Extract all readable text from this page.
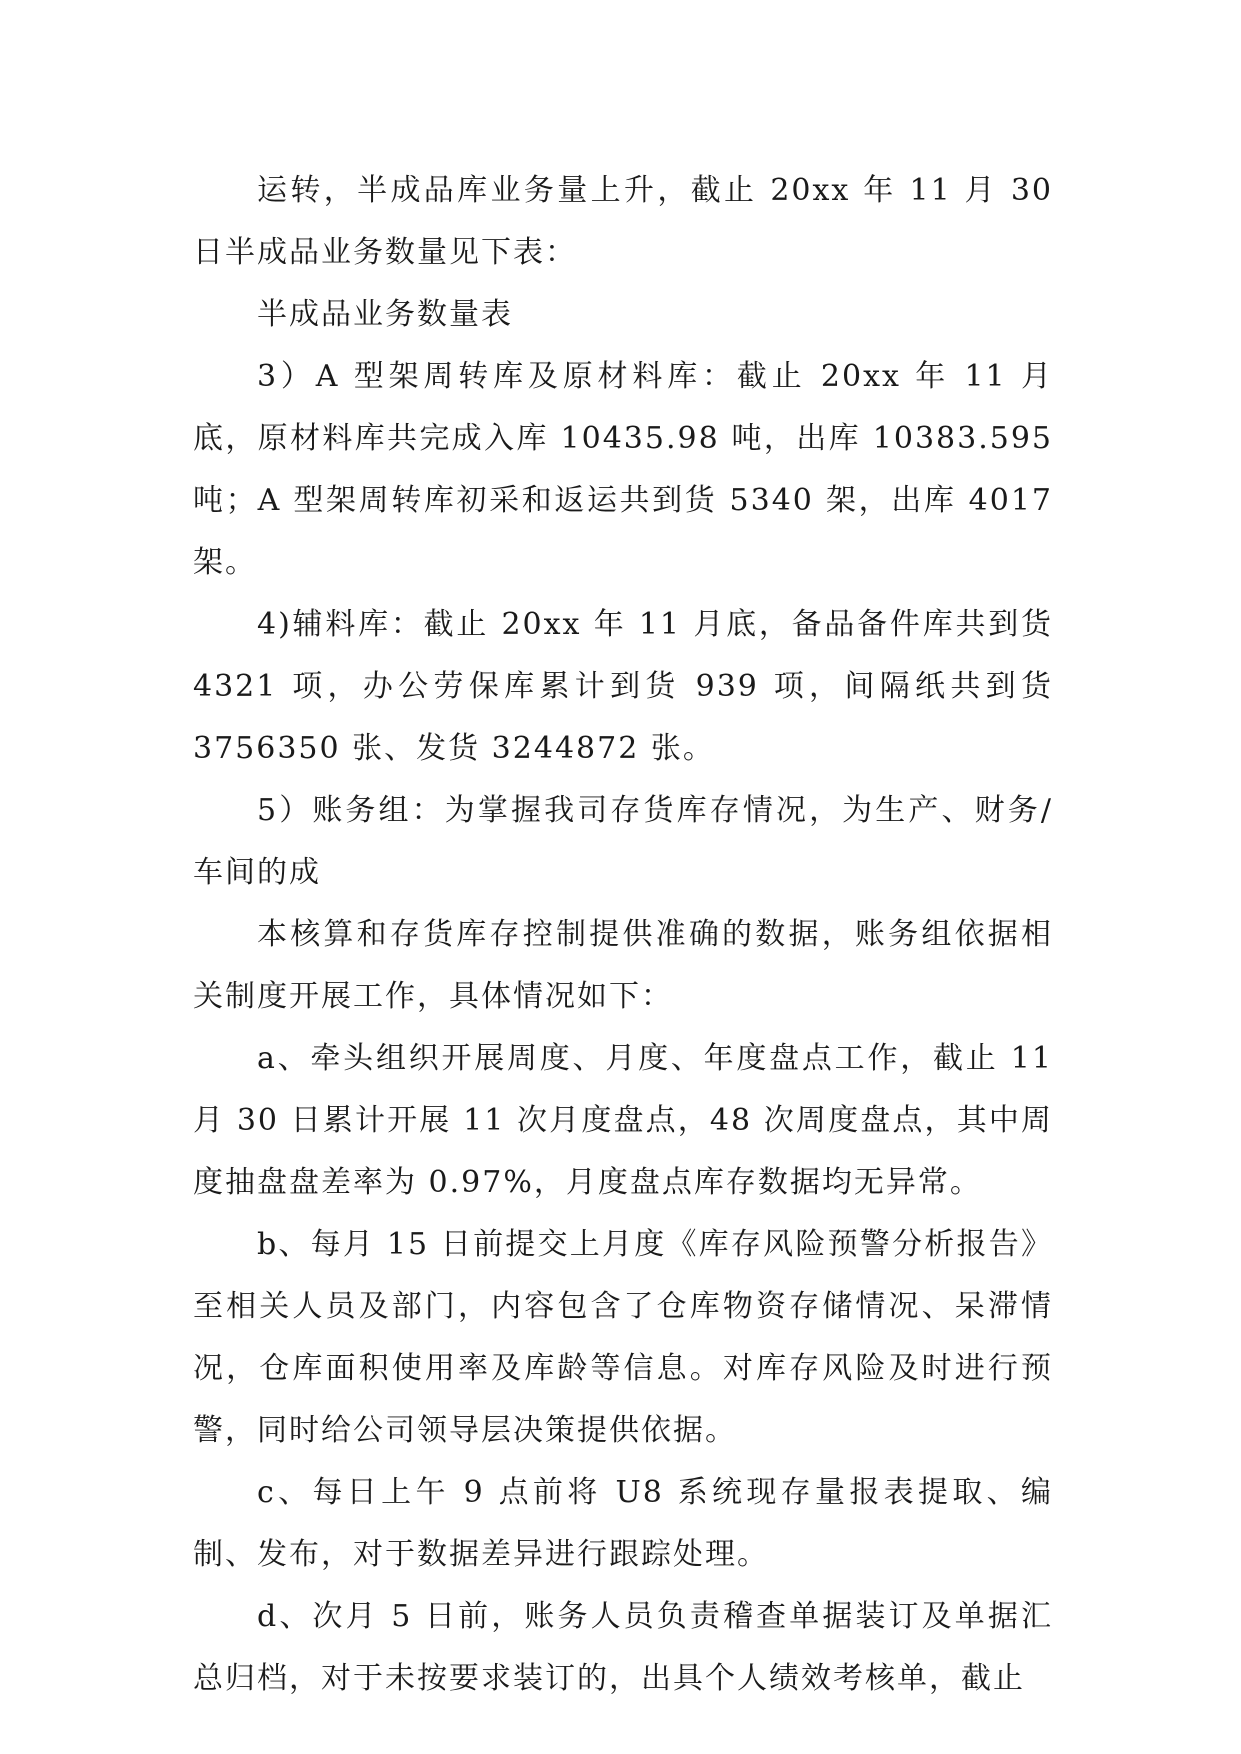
运转，半成品库业务量上升，截止 20xx 年 11 月 30 日半成品业务数量见下表：

半成品业务数量表

3）A 型架周转库及原材料库：截止 20xx 年 11 月底，原材料库共完成入库 10435.98 吨，出库 10383.595 吨；A 型架周转库初采和返运共到货 5340 架，出库 4017 架。

4)辅料库：截止 20xx 年 11 月底，备品备件库共到货 4321 项，办公劳保库累计到货 939 项，间隔纸共到货 3756350 张、发货 3244872 张。

5）账务组：为掌握我司存货库存情况，为生产、财务/车间的成

本核算和存货库存控制提供准确的数据，账务组依据相关制度开展工作，具体情况如下：

a、牵头组织开展周度、月度、年度盘点工作，截止 11 月 30 日累计开展 11 次月度盘点，48 次周度盘点，其中周度抽盘盘差率为 0.97%，月度盘点库存数据均无异常。

b、每月 15 日前提交上月度《库存风险预警分析报告》至相关人员及部门，内容包含了仓库物资存储情况、呆滞情况，仓库面积使用率及库龄等信息。对库存风险及时进行预警，同时给公司领导层决策提供依据。

c、每日上午 9 点前将 U8 系统现存量报表提取、编制、发布，对于数据差异进行跟踪处理。

d、次月 5 日前，账务人员负责稽查单据装订及单据汇总归档，对于未按要求装订的，出具个人绩效考核单，截止
